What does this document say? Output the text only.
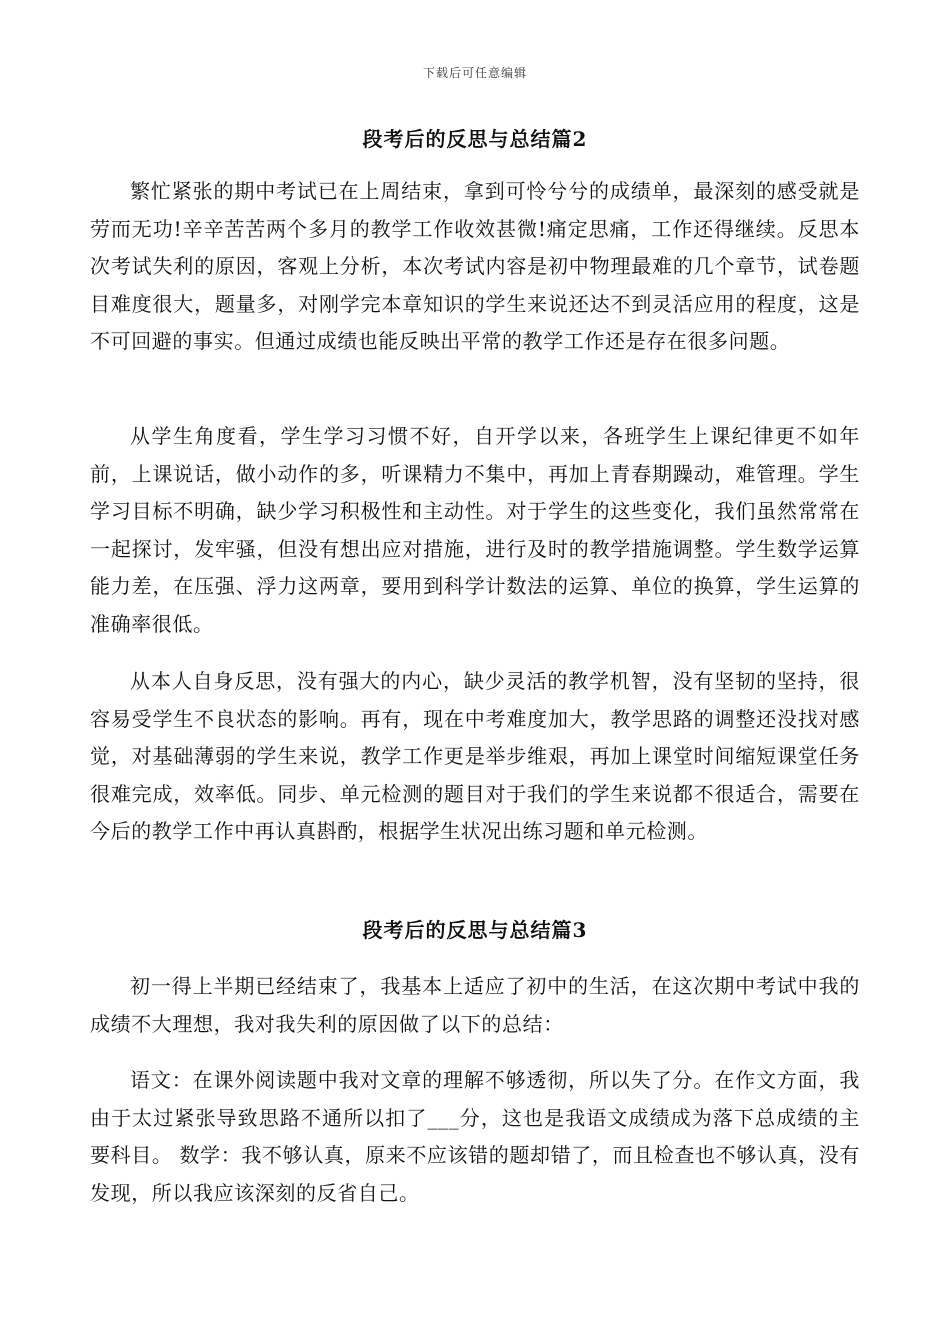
下载后可任意编辑
段考后的反思与总结篇2

繁忙紧张的期中考试已在上周结束，拿到可怜兮兮的成绩单，最深刻的感受就是劳而无功!辛辛苦苦两个多月的教学工作收效甚微!痛定思痛，工作还得继续。反思本次考试失利的原因，客观上分析，本次考试内容是初中物理最难的几个章节，试卷题目难度很大，题量多，对刚学完本章知识的学生来说还达不到灵活应用的程度，这是不可回避的事实。但通过成绩也能反映出平常的教学工作还是存在很多问题。

从学生角度看，学生学习习惯不好，自开学以来，各班学生上课纪律更不如年前，上课说话，做小动作的多，听课精力不集中，再加上青春期躁动，难管理。学生学习目标不明确，缺少学习积极性和主动性。对于学生的这些变化，我们虽然常常在一起探讨，发牢骚，但没有想出应对措施，进行及时的教学措施调整。学生数学运算能力差，在压强、浮力这两章，要用到科学计数法的运算、单位的换算，学生运算的准确率很低。

从本人自身反思，没有强大的内心，缺少灵活的教学机智，没有坚韧的坚持，很容易受学生不良状态的影响。再有，现在中考难度加大，教学思路的调整还没找对感觉，对基础薄弱的学生来说，教学工作更是举步维艰，再加上课堂时间缩短课堂任务很难完成，效率低。同步、单元检测的题目对于我们的学生来说都不很适合，需要在今后的教学工作中再认真斟酌，根据学生状况出练习题和单元检测。

段考后的反思与总结篇3

初一得上半期已经结束了，我基本上适应了初中的生活，在这次期中考试中我的成绩不大理想，我对我失利的原因做了以下的总结：

语文：在课外阅读题中我对文章的理解不够透彻，所以失了分。在作文方面，我由于太过紧张导致思路不通所以扣了___分，这也是我语文成绩成为落下总成绩的主要科目。 数学：我不够认真，原来不应该错的题却错了，而且检查也不够认真，没有发现，所以我应该深刻的反省自己。
